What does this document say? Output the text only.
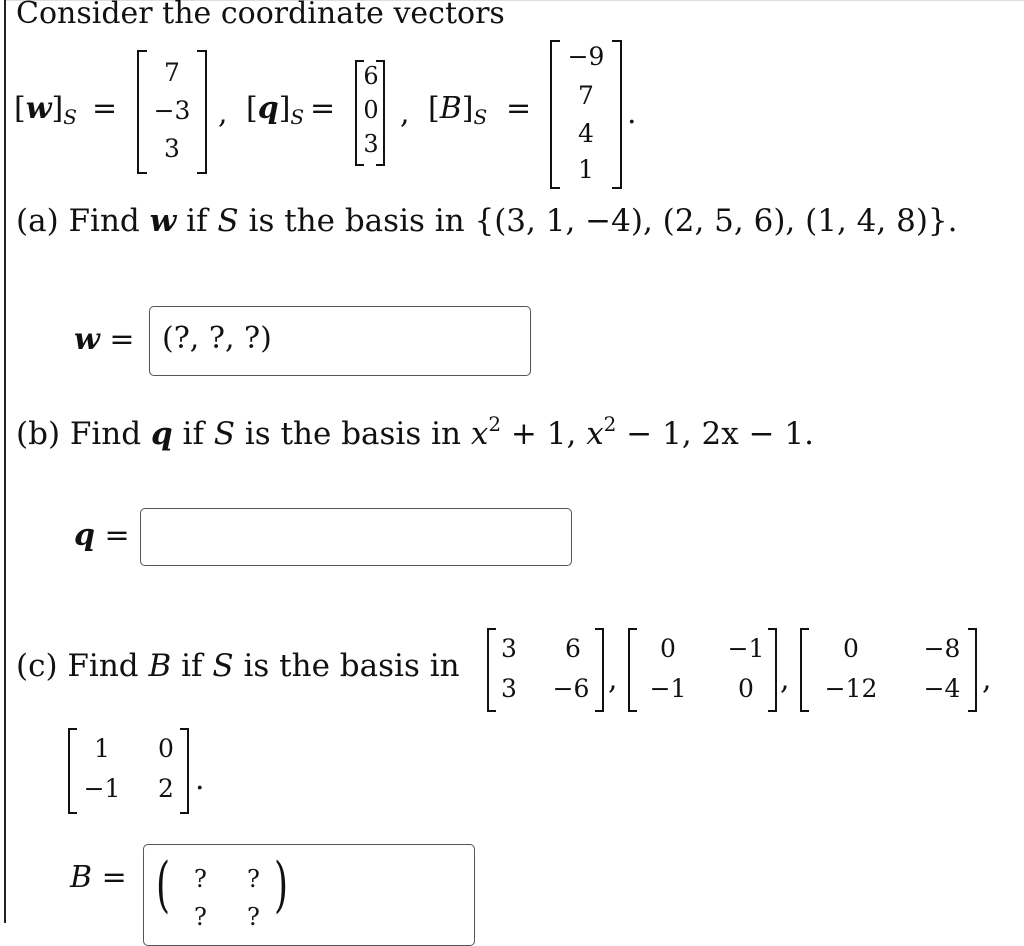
Consider the coordinate vectors
$[w]_S$ =
7
−3
3
, $[q]_S$ =
6
0
3
, $[B]_S$ =
−9
7
4
1
.
(a) Find w if S is the basis in {(3, 1, −4), (2, 5, 6), (1, 4, 8)}.
w = (?, ?, ?)
(b) Find q if S is the basis in $x^2 + 1$, $x^2 - 1$, 2x − 1.
q =
(c) Find B if S is the basis in 3	6
3	−6 ,
0	−1
−1	0 ,
0	−8
−12	−4 ,
1	0
−1	2 .
B = ( )
? ?
? ?
